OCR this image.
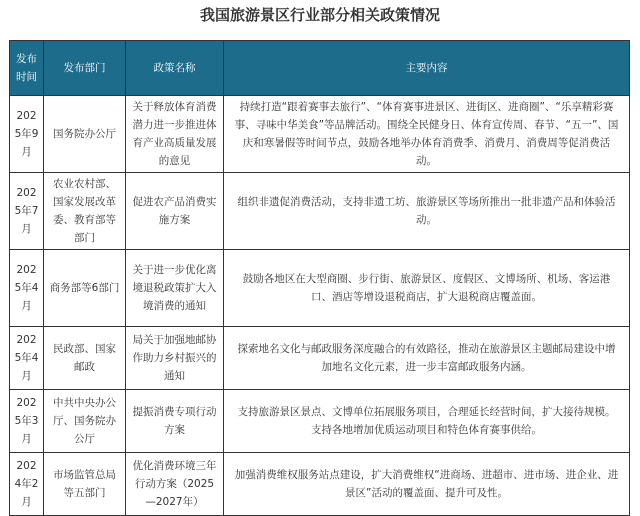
我国旅游景区行业部分相关政策情况
发布时间	发布部门	政策名称	主要内容
2025年9月	国务院办公厅	关于释放体育消费潜力进一步推进体育产业高质量发展的意见	持续打造“跟着赛事去旅行”、“体育赛事进景区、进街区、进商圈”、“乐享精彩赛事、寻味中华美食”等品牌活动。围绕全民健身日、体育宣传周、春节、“五一”、国庆和寒暑假等时间节点，鼓励各地举办体育消费季、消费月、消费周等促消费活动。
2025年7月	农业农村部、国家发展改革委、教育部等部门	促进农产品消费实施方案	组织非遗促消费活动，支持非遗工坊、旅游景区等场所推出一批非遗产品和体验活动。
2025年4月	商务部等6部门	关于进一步优化离境退税政策扩大入境消费的通知	鼓励各地区在大型商圈、步行街、旅游景区、度假区、文博场所、机场、客运港口、酒店等增设退税商店，扩大退税商店覆盖面。
2025年4月	民政部、国家邮政	局关于加强地邮协作助力乡村振兴的通知	探索地名文化与邮政服务深度融合的有效路径，推动在旅游景区主题邮局建设中增加地名文化元素，进一步丰富邮政服务内涵。
2025年3月	中共中央办公厅、国务院办公厅	提振消费专项行动方案	支持旅游景区景点、文博单位拓展服务项目，合理延长经营时间，扩大接待规模。支持各地增加优质运动项目和特色体育赛事供给。
2024年2月	市场监管总局等五部门	优化消费环境三年行动方案（2025—2027年）	加强消费维权服务站点建设，扩大消费维权“进商场、进超市、进市场、进企业、进景区”活动的覆盖面、提升可及性。
